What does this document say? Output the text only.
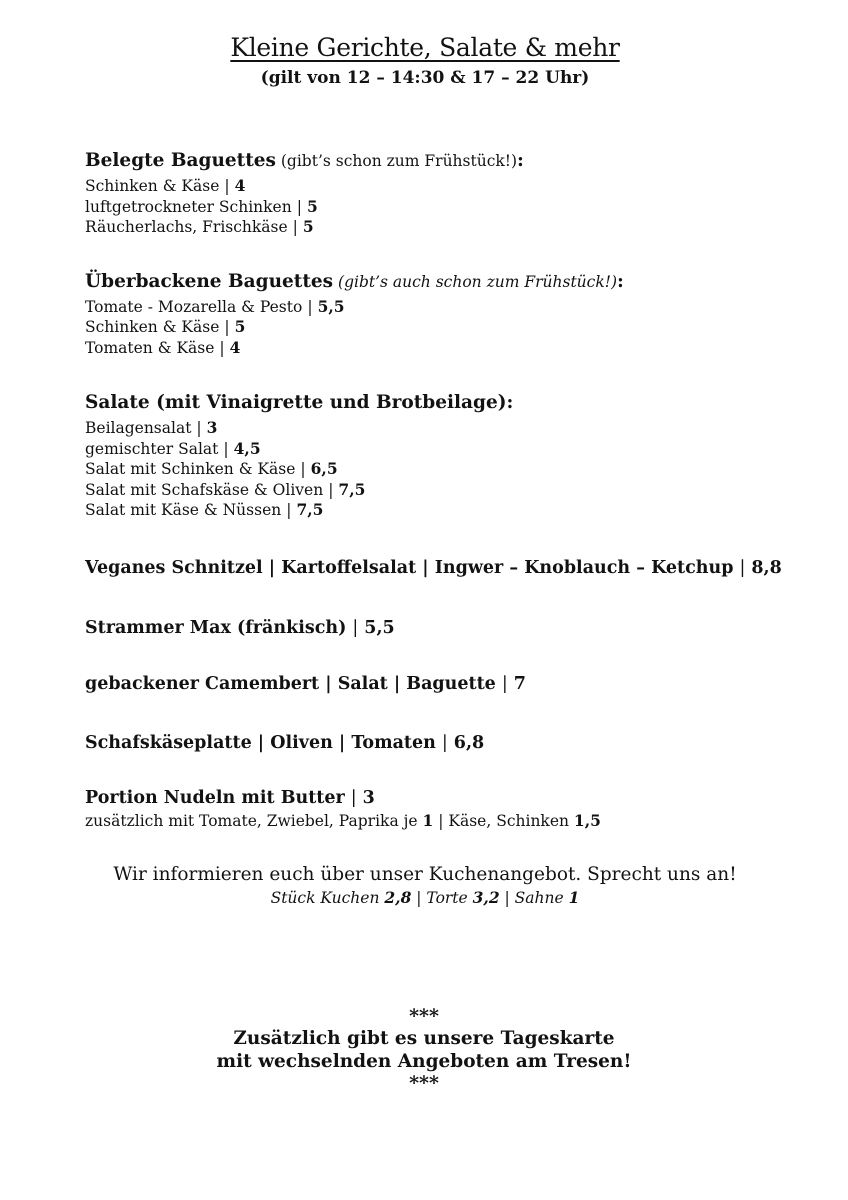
Kleine Gerichte, Salate & mehr
(gilt von 12 – 14:30 & 17 – 22 Uhr)
Belegte Baguettes (gibt’s schon zum Frühstück!):
Schinken & Käse | 4
luftgetrockneter Schinken | 5
Räucherlachs, Frischkäse | 5
Überbackene Baguettes (gibt’s auch schon zum Frühstück!):
Tomate - Mozarella & Pesto | 5,5
Schinken & Käse | 5
Tomaten & Käse | 4
Salate (mit Vinaigrette und Brotbeilage):
Beilagensalat | 3
gemischter Salat | 4,5
Salat mit Schinken & Käse | 6,5
Salat mit Schafskäse & Oliven | 7,5
Salat mit Käse & Nüssen | 7,5
Veganes Schnitzel | Kartoffelsalat | Ingwer – Knoblauch – Ketchup | 8,8
Strammer Max (fränkisch) | 5,5
gebackener Camembert | Salat | Baguette | 7
Schafskäseplatte | Oliven | Tomaten | 6,8
Portion Nudeln mit Butter | 3
zusätzlich mit Tomate, Zwiebel, Paprika je 1 | Käse, Schinken 1,5
Wir informieren euch über unser Kuchenangebot. Sprecht uns an!
Stück Kuchen 2,8 | Torte 3,2 | Sahne 1
***
Zusätzlich gibt es unsere Tageskarte
mit wechselnden Angeboten am Tresen!
***
